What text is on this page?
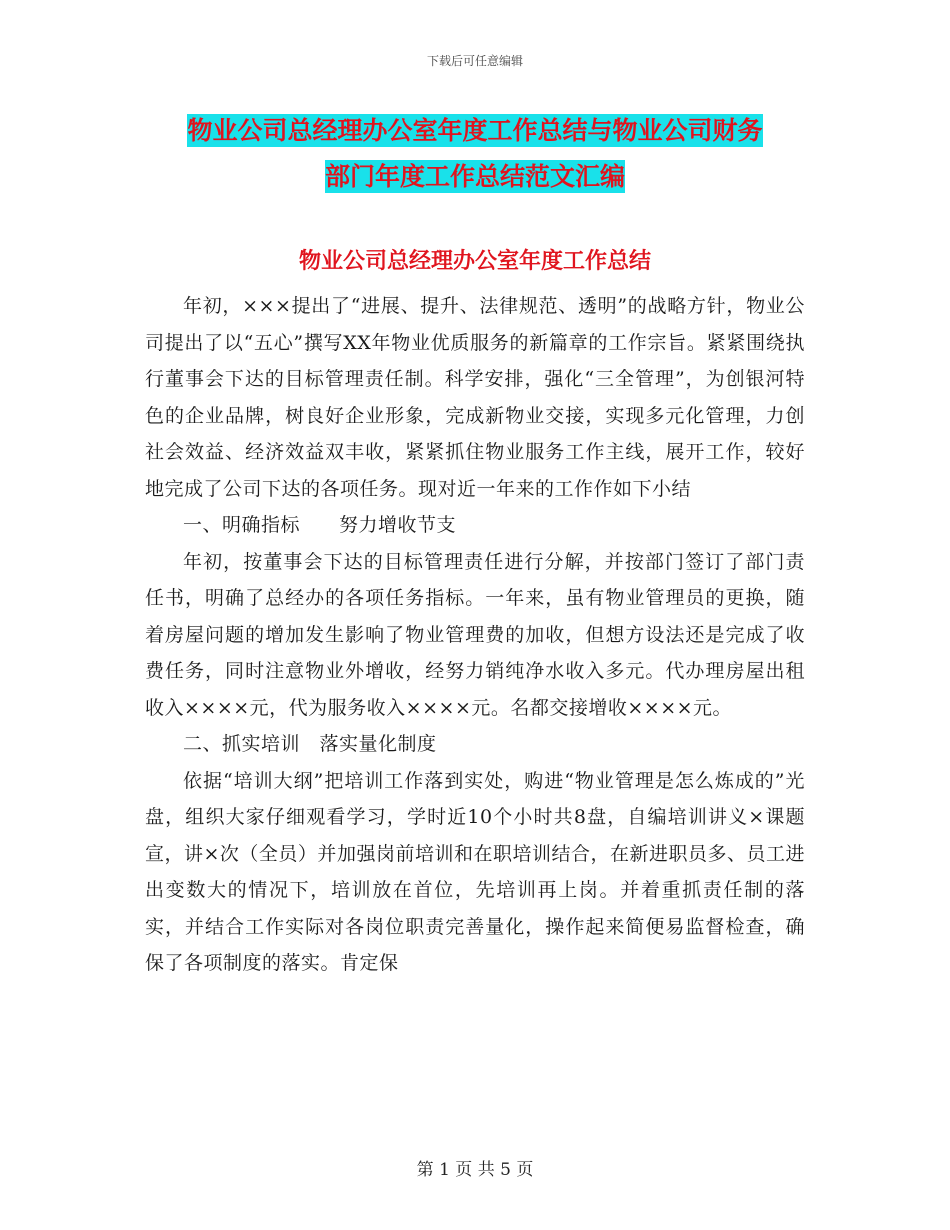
下载后可任意编辑
物业公司总经理办公室年度工作总结与物业公司财务
部门年度工作总结范文汇编
物业公司总经理办公室年度工作总结

年初，×××提出了“进展、提升、法律规范、透明”的战略方针，物业公司提出了以“五心”撰写XX年物业优质服务的新篇章的工作宗旨。紧紧围绕执行董事会下达的目标管理责任制。科学安排，强化“三全管理”，为创银河特色的企业品牌，树良好企业形象，完成新物业交接，实现多元化管理，力创社会效益、经济效益双丰收，紧紧抓住物业服务工作主线，展开工作，较好地完成了公司下达的各项任务。现对近一年来的工作作如下小结

一、明确指标　　努力增收节支

年初，按董事会下达的目标管理责任进行分解，并按部门签订了部门责任书，明确了总经办的各项任务指标。一年来，虽有物业管理员的更换，随着房屋问题的增加发生影响了物业管理费的加收，但想方设法还是完成了收费任务，同时注意物业外增收，经努力销纯净水收入多元。代办理房屋出租收入××××元，代为服务收入××××元。名都交接增收××××元。

二、抓实培训　落实量化制度

依据“培训大纲”把培训工作落到实处，购进“物业管理是怎么炼成的”光盘，组织大家仔细观看学习，学时近10个小时共8盘，自编培训讲义×课题宣，讲×次（全员）并加强岗前培训和在职培训结合，在新进职员多、员工进出变数大的情况下，培训放在首位，先培训再上岗。并着重抓责任制的落实，并结合工作实际对各岗位职责完善量化，操作起来简便易监督检查，确保了各项制度的落实。肯定保

第 1 页 共 5 页
